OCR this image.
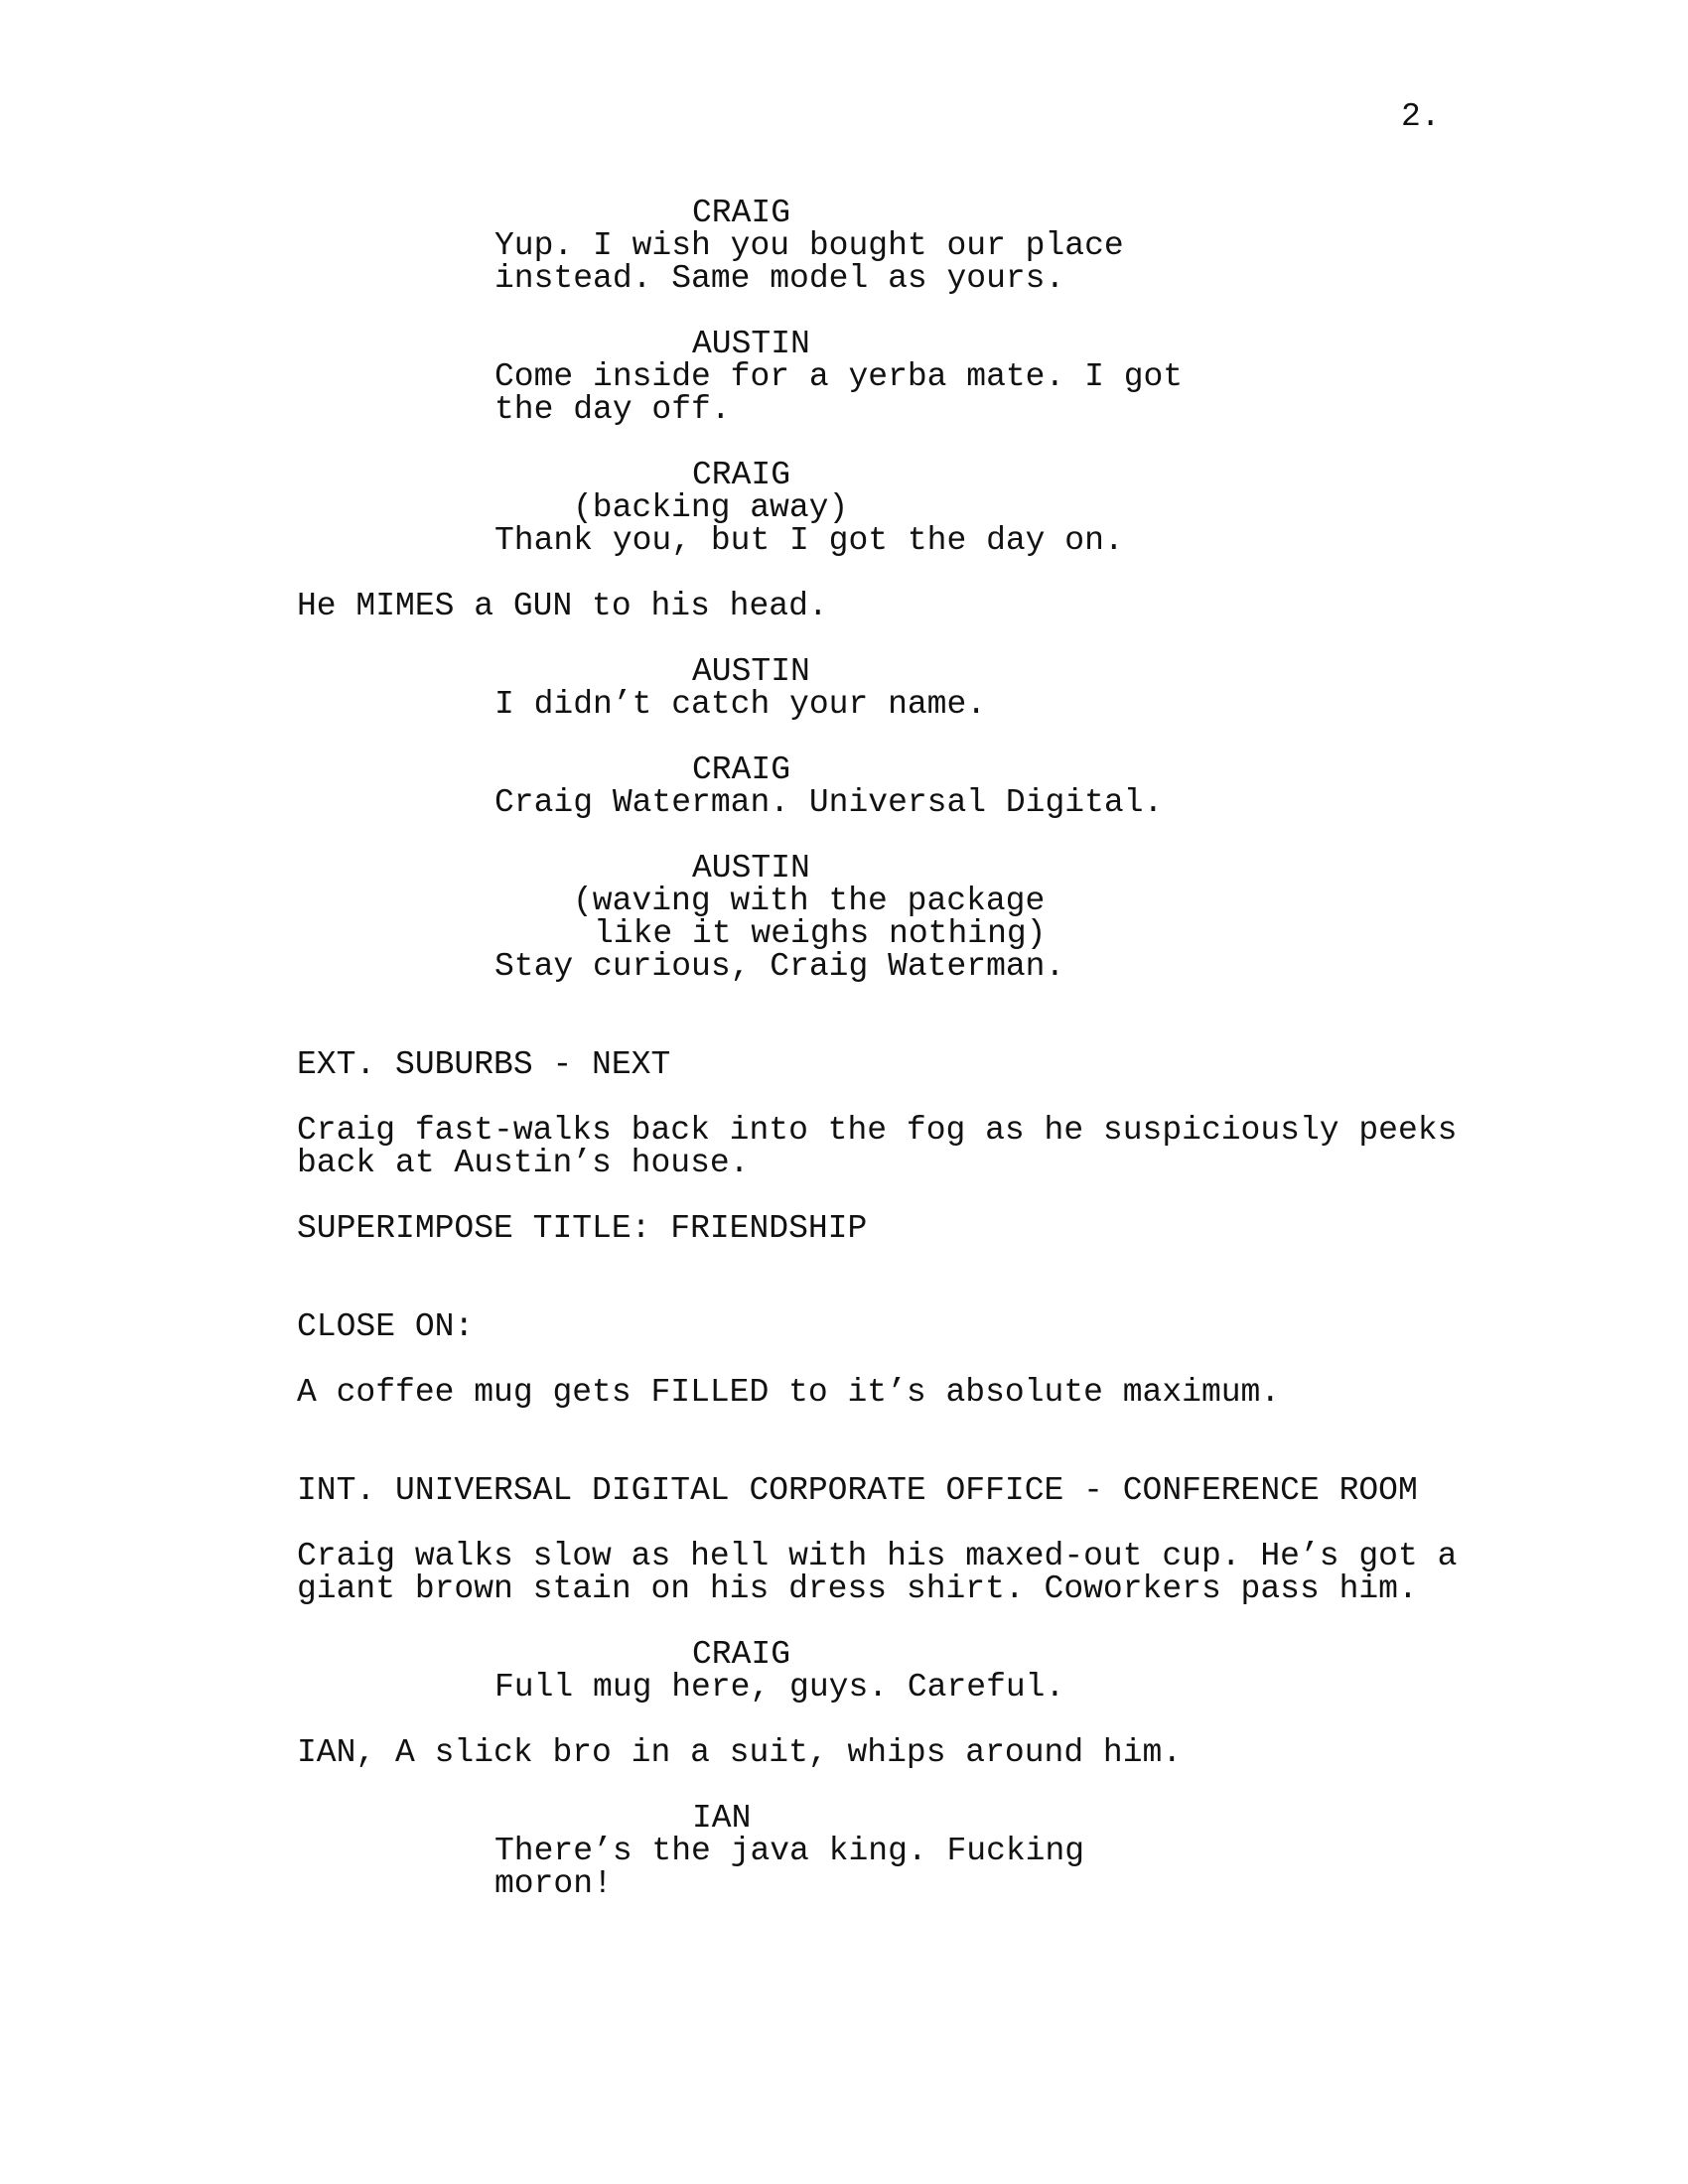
2.
CRAIG
Yup. I wish you bought our place
instead. Same model as yours.
AUSTIN
Come inside for a yerba mate. I got
the day off.
CRAIG
(backing away)
Thank you, but I got the day on.
He MIMES a GUN to his head.
AUSTIN
I didn’t catch your name.
CRAIG
Craig Waterman. Universal Digital.
AUSTIN
(waving with the package
like it weighs nothing)
Stay curious, Craig Waterman.
EXT. SUBURBS - NEXT
Craig fast-walks back into the fog as he suspiciously peeks
back at Austin’s house.
SUPERIMPOSE TITLE: FRIENDSHIP
CLOSE ON:
A coffee mug gets FILLED to it’s absolute maximum.
INT. UNIVERSAL DIGITAL CORPORATE OFFICE - CONFERENCE ROOM
Craig walks slow as hell with his maxed-out cup. He’s got a
giant brown stain on his dress shirt. Coworkers pass him.
CRAIG
Full mug here, guys. Careful.
IAN, A slick bro in a suit, whips around him.
IAN
There’s the java king. Fucking
moron!
